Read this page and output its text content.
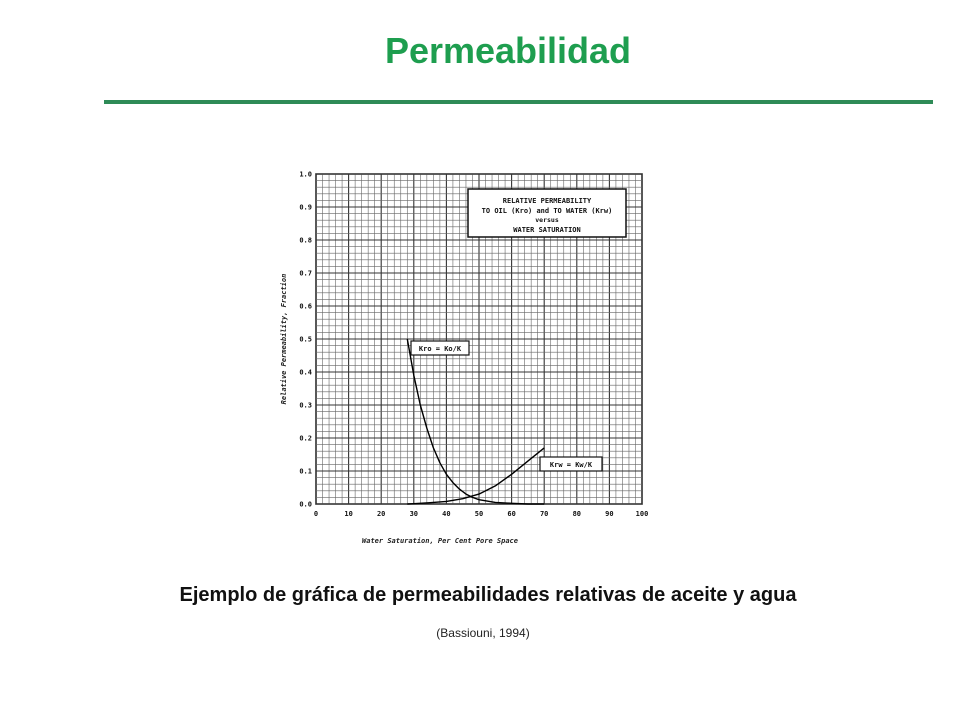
Permeabilidad
0	10	20	30	40	50	60	70	80	90	100
0.0
0.1
0.2
0.3
0.4
0.5
0.6
0.7
0.8
0.9
1.0
RELATIVE PERMEABILITY
TO OIL (Kro) and TO WATER (Krw)
versus
WATER SATURATION
Kro = Ko/K
Krw = Kw/K
Water Saturation, Per Cent Pore Space
Relative Permeability, Fraction
Ejemplo de gráfica de permeabilidades relativas de aceite y agua
(Bassiouni, 1994)
